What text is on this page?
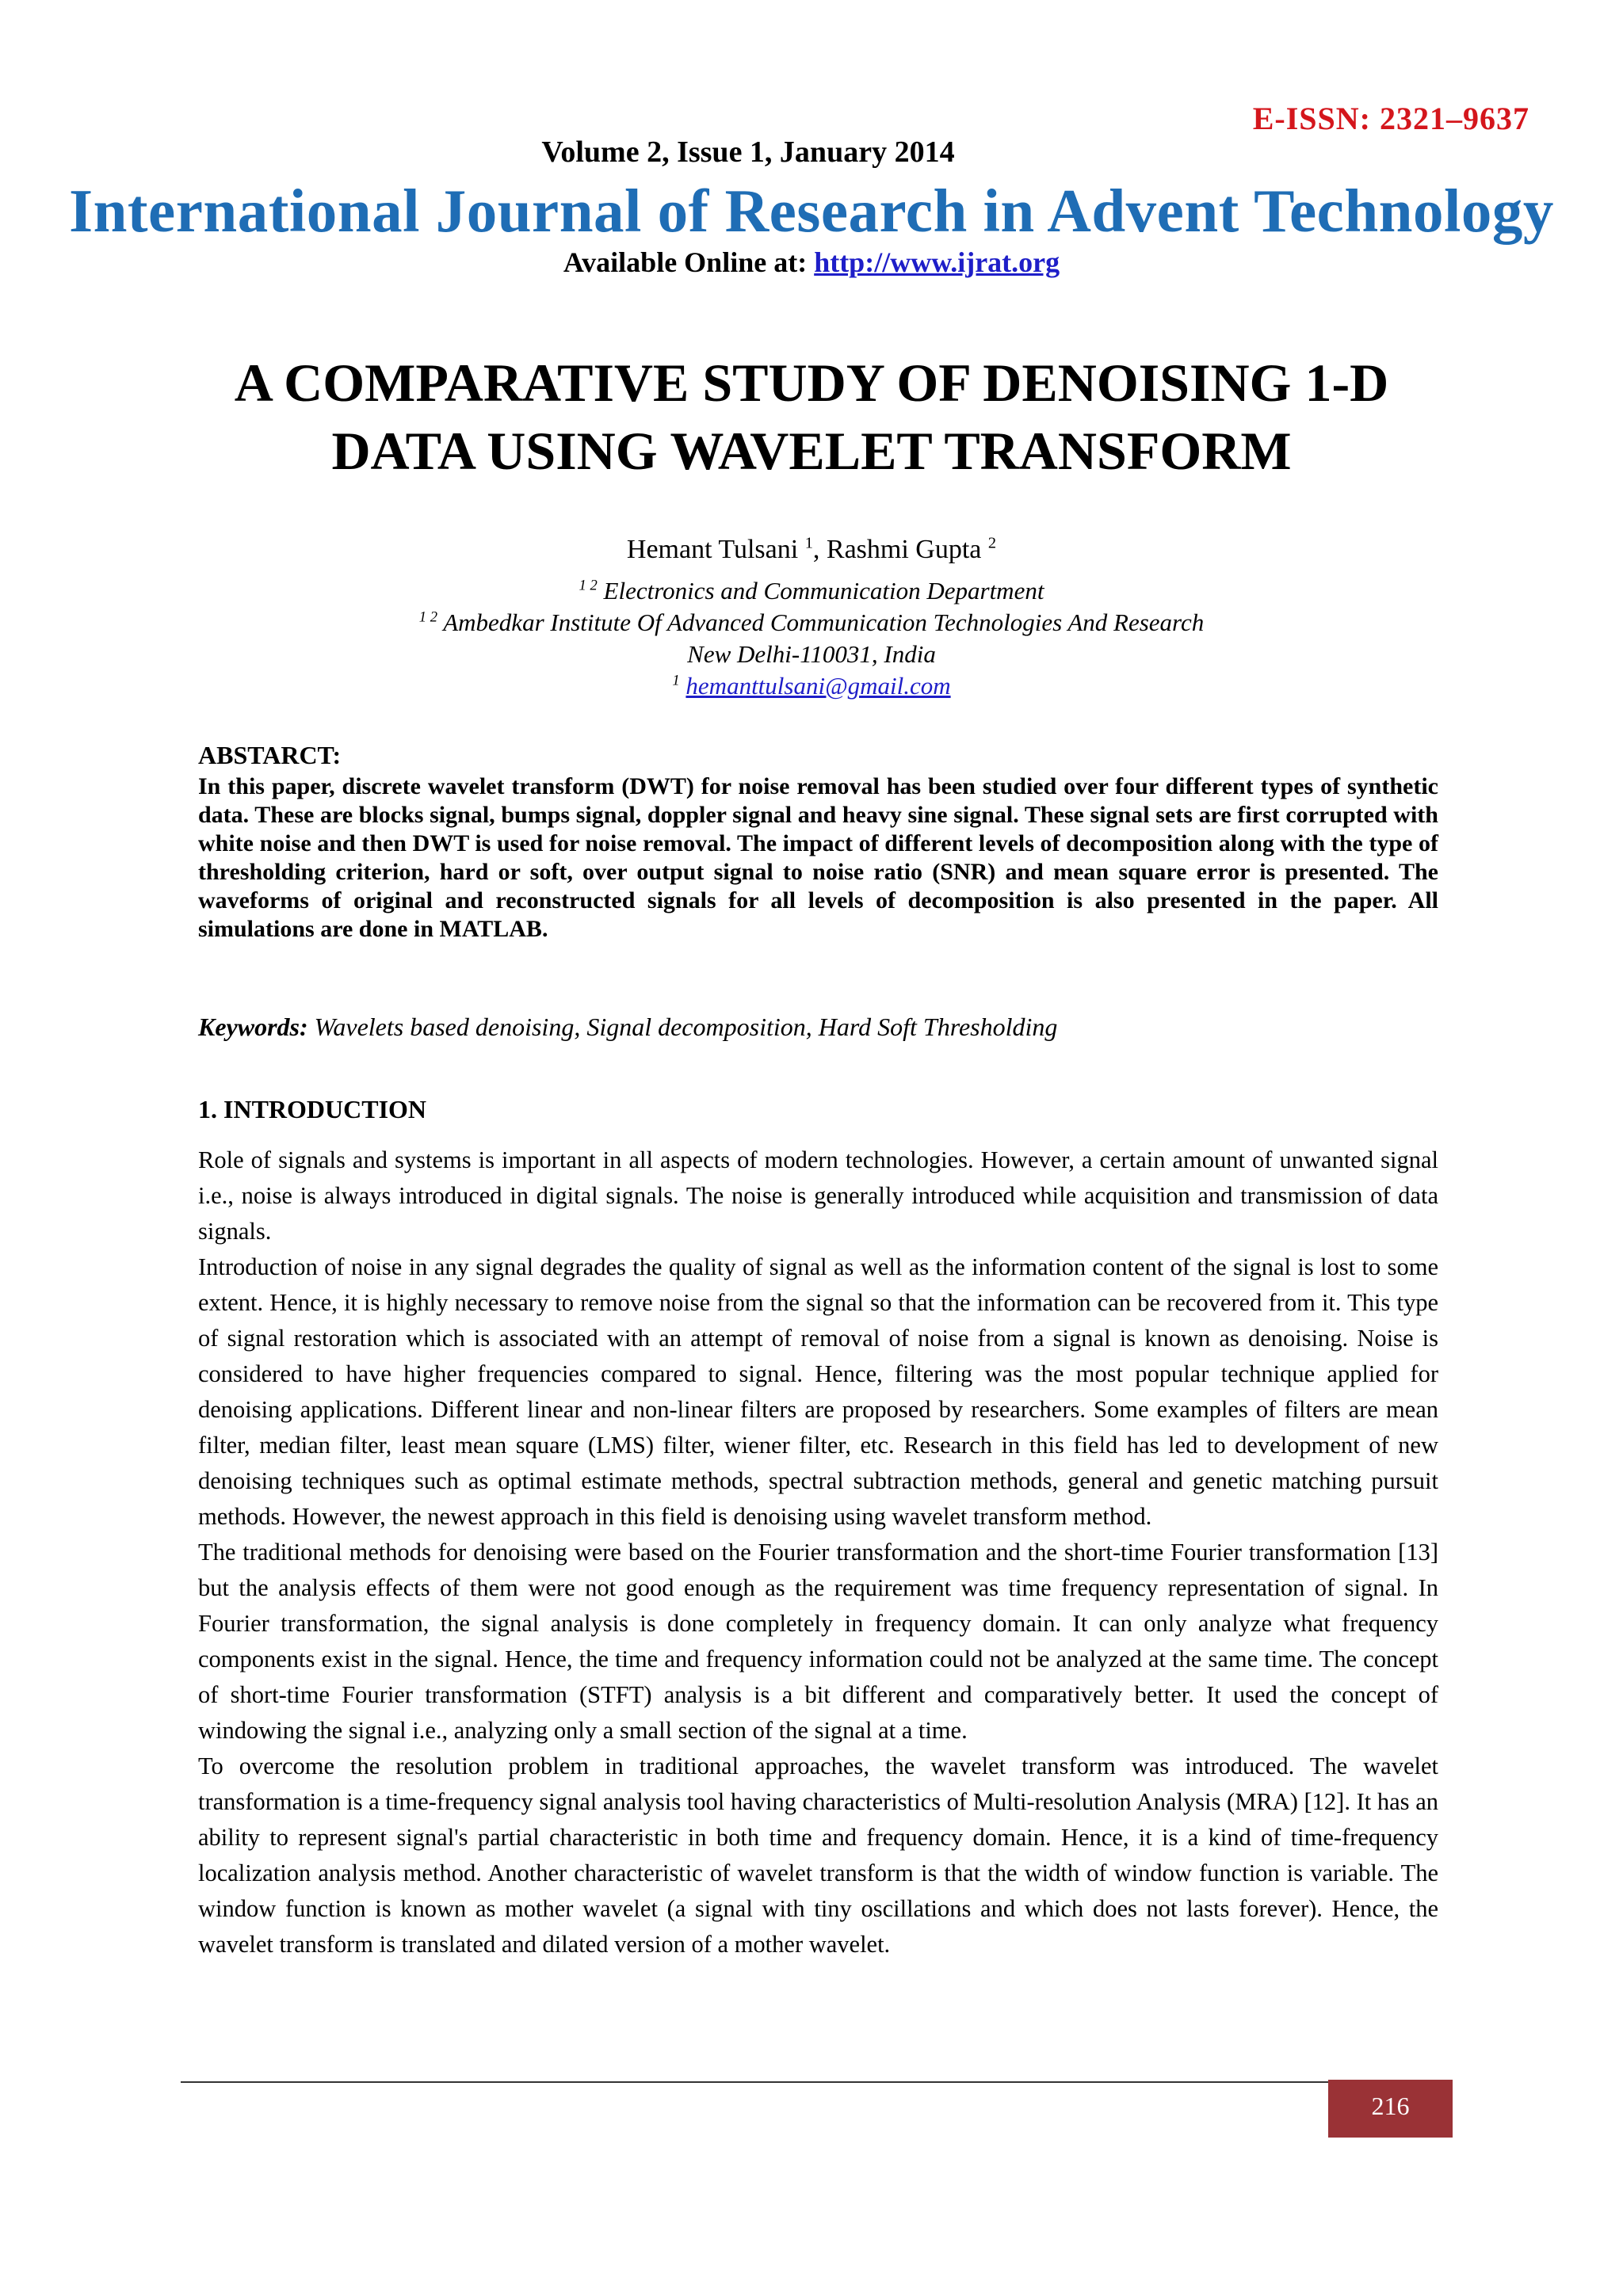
E-ISSN: 2321–9637
Volume 2, Issue 1, January 2014
International Journal of Research in Advent Technology
Available Online at: http://www.ijrat.org
A COMPARATIVE STUDY OF DENOISING 1-D
DATA USING WAVELET TRANSFORM
Hemant Tulsani $^1$, Rashmi Gupta $^2$
$^{1 2}$ Electronics and Communication Department
$^{1 2}$ Ambedkar Institute Of Advanced Communication Technologies And Research
New Delhi-110031, India
$^1$ hemanttulsani@gmail.com
ABSTARCT:
In this paper, discrete wavelet transform (DWT) for noise removal has been studied over four different types of synthetic data. These are blocks signal, bumps signal, doppler signal and heavy sine signal. These signal sets are first corrupted with white noise and then DWT is used for noise removal. The impact of different levels of decomposition along with the type of thresholding criterion, hard or soft, over output signal to noise ratio (SNR) and mean square error is presented. The waveforms of original and reconstructed signals for all levels of decomposition is also presented in the paper. All simulations are done in MATLAB.
Keywords: Wavelets based denoising, Signal decomposition, Hard Soft Thresholding
1. INTRODUCTION

Role of signals and systems is important in all aspects of modern technologies. However, a certain amount of unwanted signal i.e., noise is always introduced in digital signals. The noise is generally introduced while acquisition and transmission of data signals.

Introduction of noise in any signal degrades the quality of signal as well as the information content of the signal is lost to some extent. Hence, it is highly necessary to remove noise from the signal so that the information can be recovered from it. This type of signal restoration which is associated with an attempt of removal of noise from a signal is known as denoising. Noise is considered to have higher frequencies compared to signal. Hence, filtering was the most popular technique applied for denoising applications. Different linear and non-linear filters are proposed by researchers. Some examples of filters are mean filter, median filter, least mean square (LMS) filter, wiener filter, etc. Research in this field has led to development of new denoising techniques such as optimal estimate methods, spectral subtraction methods, general and genetic matching pursuit methods. However, the newest approach in this field is denoising using wavelet transform method.

The traditional methods for denoising were based on the Fourier transformation and the short-time Fourier transformation [13] but the analysis effects of them were not good enough as the requirement was time frequency representation of signal. In Fourier transformation, the signal analysis is done completely in frequency domain. It can only analyze what frequency components exist in the signal. Hence, the time and frequency information could not be analyzed at the same time. The concept of short-time Fourier transformation (STFT) analysis is a bit different and comparatively better. It used the concept of windowing the signal i.e., analyzing only a small section of the signal at a time.

To overcome the resolution problem in traditional approaches, the wavelet transform was introduced. The wavelet transformation is a time-frequency signal analysis tool having characteristics of Multi-resolution Analysis (MRA) [12]. It has an ability to represent signal's partial characteristic in both time and frequency domain. Hence, it is a kind of time-frequency localization analysis method. Another characteristic of wavelet transform is that the width of window function is variable. The window function is known as mother wavelet (a signal with tiny oscillations and which does not lasts forever). Hence, the wavelet transform is translated and dilated version of a mother wavelet.

216
